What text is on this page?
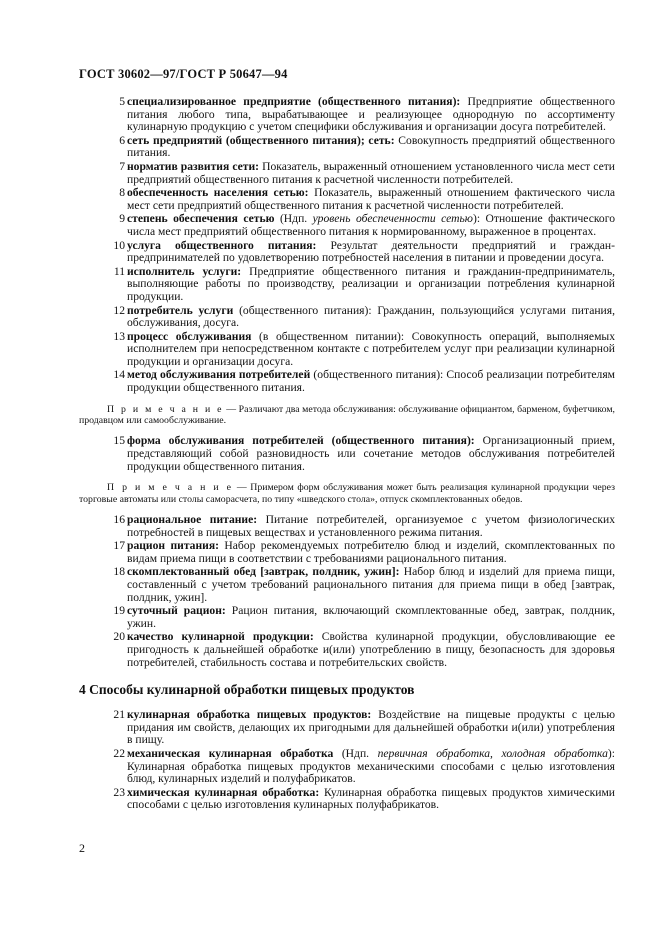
ГОСТ 30602—97/ГОСТ Р 50647—94
5 специализированное предприятие (общественного питания): Предприятие общественного питания любого типа, вырабатывающее и реализующее однородную по ассортименту кулинарную продукцию с учетом специфики обслуживания и организации досуга потребителей.
6 сеть предприятий (общественного питания); сеть: Совокупность предприятий общественного питания.
7 норматив развития сети: Показатель, выраженный отношением установленного числа мест сети предприятий общественного питания к расчетной численности потребителей.
8 обеспеченность населения сетью: Показатель, выраженный отношением фактического числа мест сети предприятий общественного питания к расчетной численности потребителей.
9 степень обеспечения сетью (Ндп. уровень обеспеченности сетью): Отношение фактического числа мест предприятий общественного питания к нормированному, выраженное в процентах.
10 услуга общественного питания: Результат деятельности предприятий и граждан-предпринимателей по удовлетворению потребностей населения в питании и проведении досуга.
11 исполнитель услуги: Предприятие общественного питания и гражданин-предприниматель, выполняющие работы по производству, реализации и организации потребления кулинарной продукции.
12 потребитель услуги (общественного питания): Гражданин, пользующийся услугами питания, обслуживания, досуга.
13 процесс обслуживания (в общественном питании): Совокупность операций, выполняемых исполнителем при непосредственном контакте с потребителем услуг при реализации кулинарной продукции и организации досуга.
14 метод обслуживания потребителей (общественного питания): Способ реализации потребителям продукции общественного питания.
П р и м е ч а н и е — Различают два метода обслуживания: обслуживание официантом, барменом, буфетчиком, продавцом или самообслуживание.
15 форма обслуживания потребителей (общественного питания): Организационный прием, представляющий собой разновидность или сочетание методов обслуживания потребителей продукции общественного питания.
П р и м е ч а н и е — Примером форм обслуживания может быть реализация кулинарной продукции через торговые автоматы или столы саморасчета, по типу «шведского стола», отпуск скомплектованных обедов.
16 рациональное питание: Питание потребителей, организуемое с учетом физиологических потребностей в пищевых веществах и установленного режима питания.
17 рацион питания: Набор рекомендуемых потребителю блюд и изделий, скомплектованных по видам приема пищи в соответствии с требованиями рационального питания.
18 скомплектованный обед [завтрак, полдник, ужин]: Набор блюд и изделий для приема пищи, составленный с учетом требований рационального питания для приема пищи в обед [завтрак, полдник, ужин].
19 суточный рацион: Рацион питания, включающий скомплектованные обед, завтрак, полдник, ужин.
20 качество кулинарной продукции: Свойства кулинарной продукции, обусловливающие ее пригодность к дальнейшей обработке и(или) употреблению в пищу, безопасность для здоровья потребителей, стабильность состава и потребительских свойств.
4 Способы кулинарной обработки пищевых продуктов
21 кулинарная обработка пищевых продуктов: Воздействие на пищевые продукты с целью придания им свойств, делающих их пригодными для дальнейшей обработки и(или) употребления в пищу.
22 механическая кулинарная обработка (Ндп. первичная обработка, холодная обработка): Кулинарная обработка пищевых продуктов механическими способами с целью изготовления блюд, кулинарных изделий и полуфабрикатов.
23 химическая кулинарная обработка: Кулинарная обработка пищевых продуктов химическими способами с целью изготовления кулинарных полуфабрикатов.
2
